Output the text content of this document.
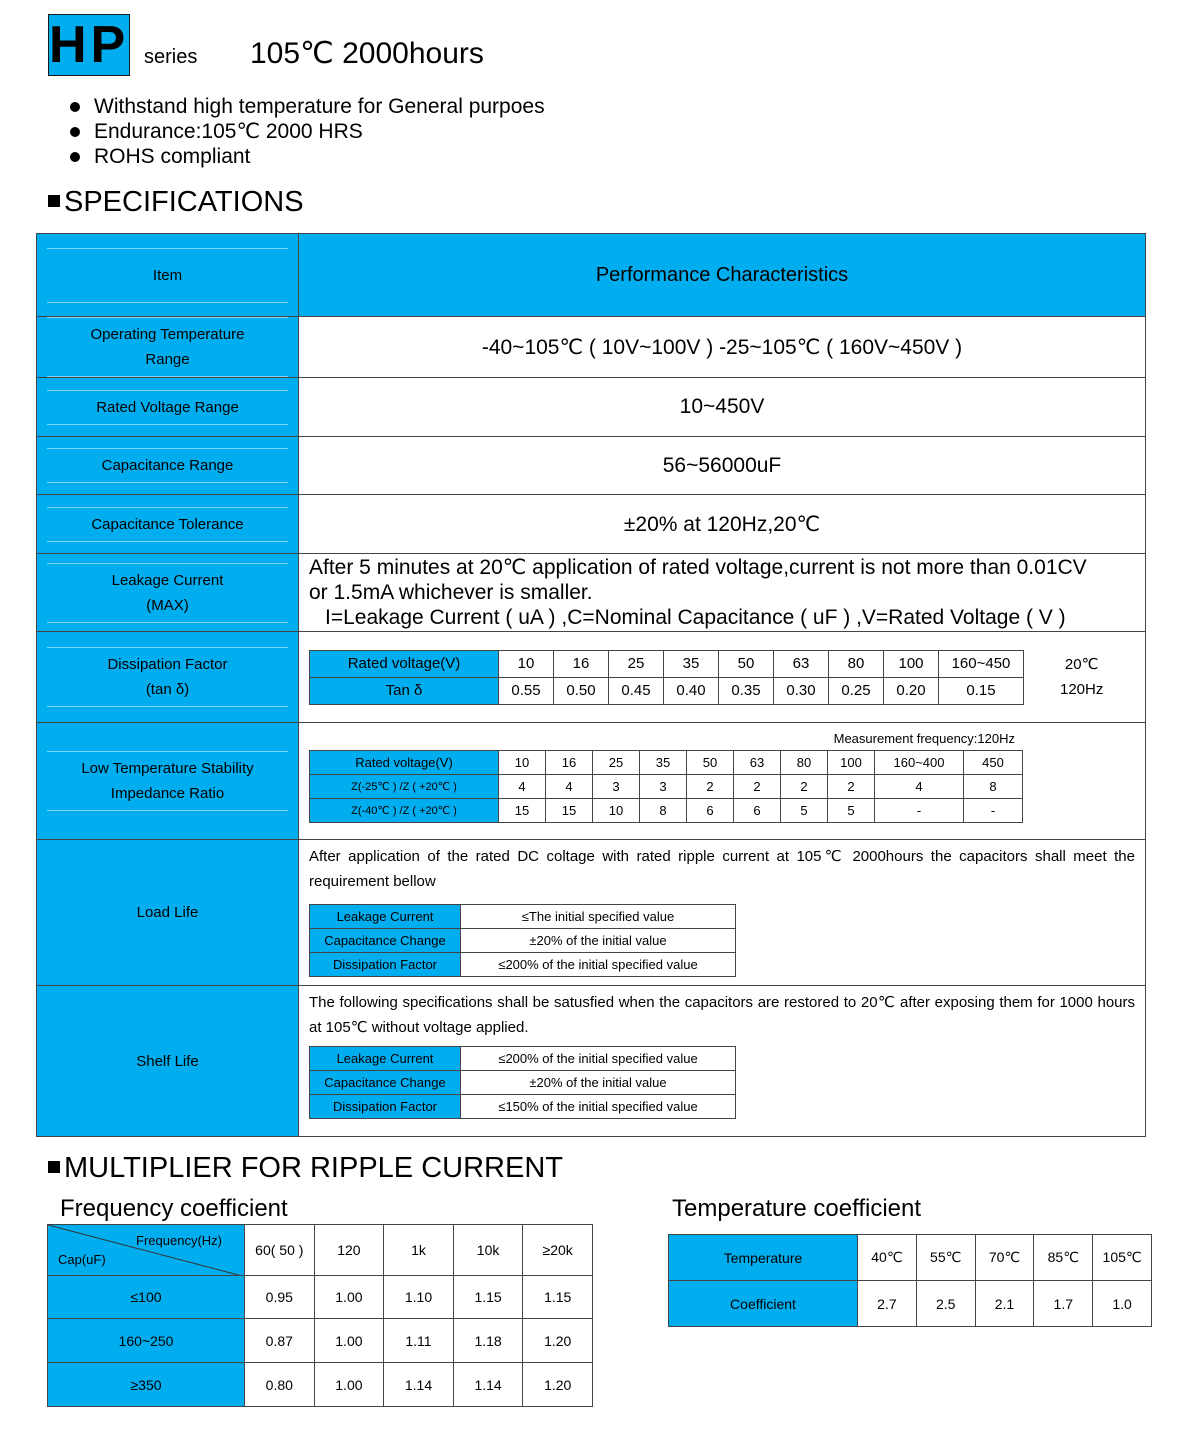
HP series 105℃ 2000hours
Withstand high temperature for General purpoes
Endurance:105℃ 2000 HRS
ROHS compliant
SPECIFICATIONS
Item	Performance Characteristics

Operating Temperature
Range
	-40~105℃ ( 10V~100V ) -25~105℃ ( 160V~450V )

Rated Voltage Range	10~450V

Capacitance Range	56~56000uF

Capacitance Tolerance	±20% at 120Hz,20℃

Leakage Current
(MAX)

After 5 minutes at 20℃ application of rated voltage,current is not more than 0.01CV
or 1.5mA whichever is smaller.
I=Leakage Current ( uA ) ,C=Nominal Capacitance ( uF ) ,V=Rated Voltage ( V )

Dissipation Factor
(tan δ)

Rated voltage(V)	10	16	25	35	50	63	80	100	160~450
Tan δ	0.55	0.50	0.45	0.40	0.35	0.30	0.25	0.20	0.15
20℃
120Hz

Low Temperature Stability
Impedance Ratio

Measurement frequency:120Hz
Rated voltage(V)	10	16	25	35	50	63	80	100	160~400	450
Z(-25℃ ) /Z ( +20℃ )	4	4	3	3	2	2	2	2	4	8
Z(-40℃ ) /Z ( +20℃ )	15	15	10	8	6	6	5	5	-	-

Load Life

After application of the rated DC coltage with rated ripple current at 105℃ 2000hours the capacitors shall meet the requirement bellow
Leakage Current	≤The initial specified value
Capacitance Change	±20% of the initial value
Dissipation Factor	≤200% of the initial specified value

Shelf Life

The following specifications shall be satusfied when the capacitors are restored to 20℃ after exposing them for 1000 hours at 105℃ without voltage applied.
Leakage Current	≤200% of the initial specified value
Capacitance Change	±20% of the initial value
Dissipation Factor	≤150% of the initial specified value
MULTIPLIER FOR RIPPLE CURRENT
Frequency coefficient	Temperature coefficient
Frequency(Hz)
Cap(uF)	60( 50 )	120	1k	10k	≥20k
≤100	0.95	1.00	1.10	1.15	1.15
160~250	0.87	1.00	1.11	1.18	1.20
≥350	0.80	1.00	1.14	1.14	1.20
Temperature	40℃	55℃	70℃	85℃	105℃
Coefficient	2.7	2.5	2.1	1.7	1.0
